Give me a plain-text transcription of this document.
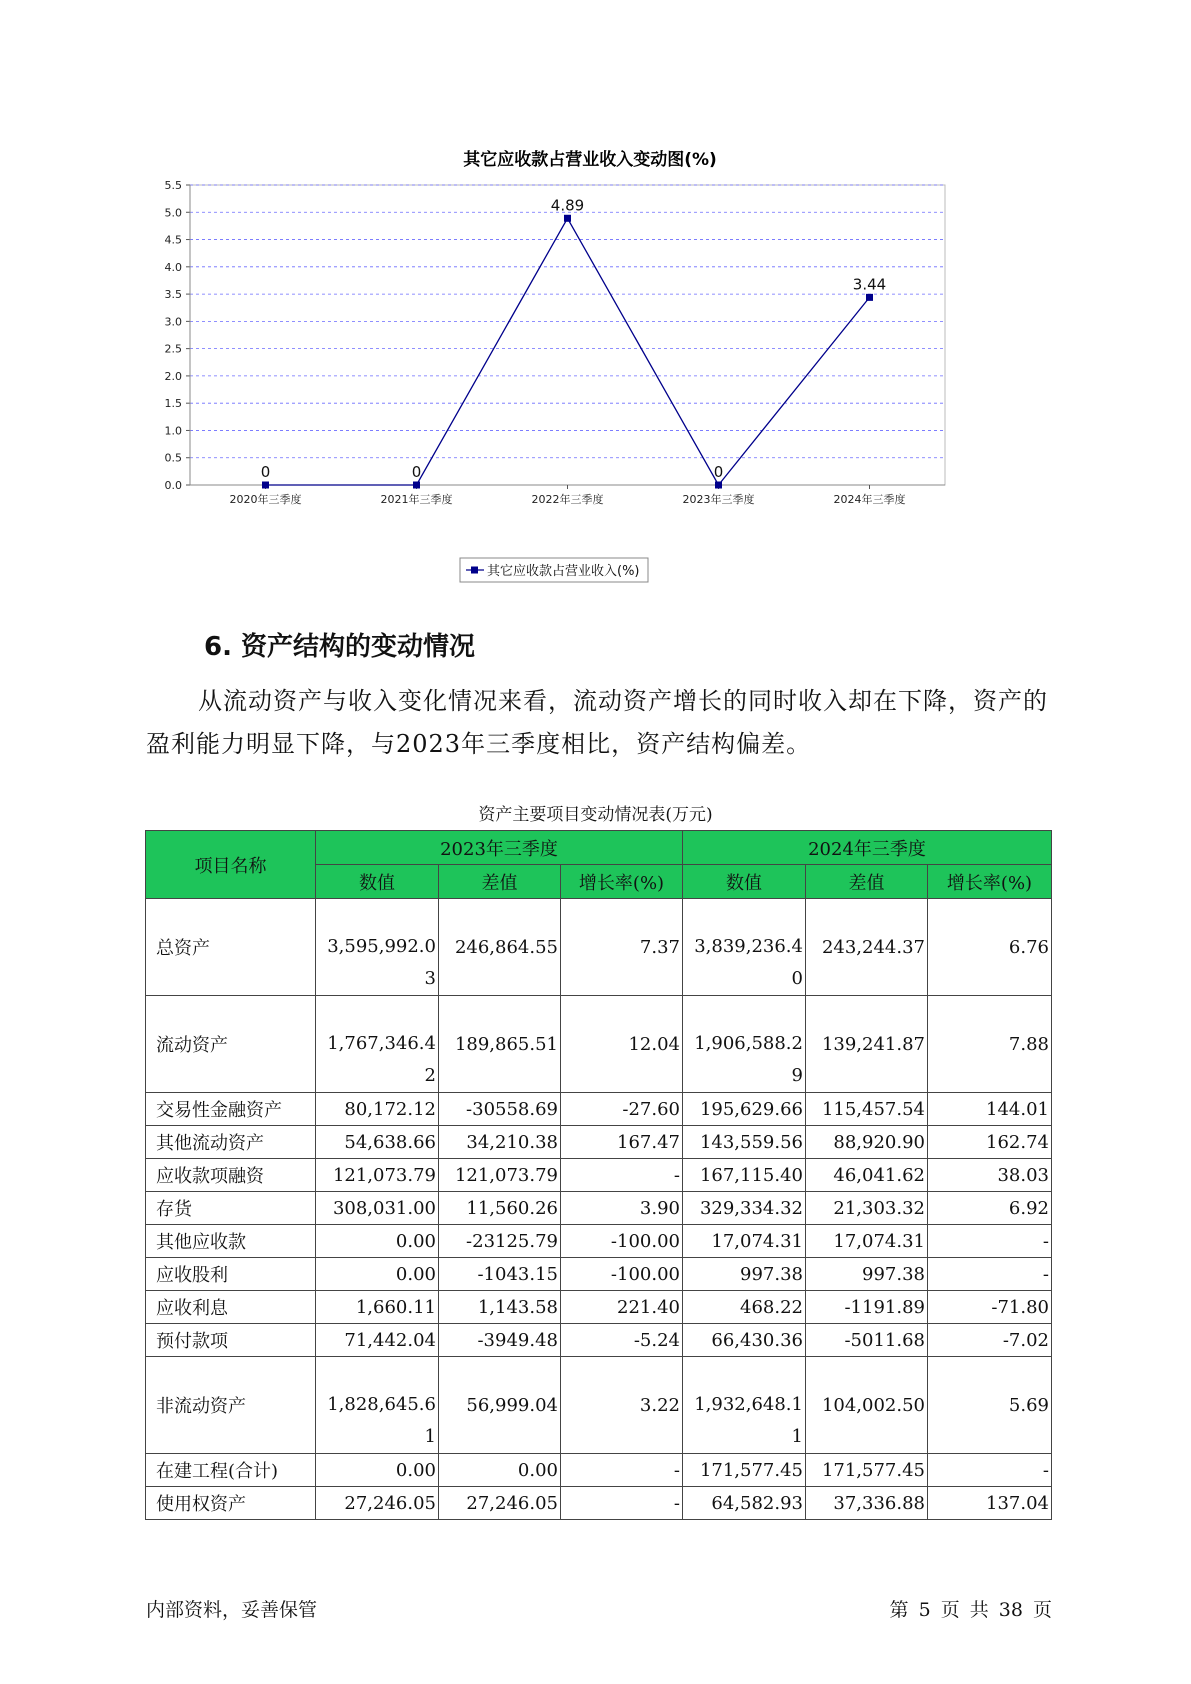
其它应收款占营业收入变动图(%)
0.0
0.5
1.0
1.5
2.0
2.5
3.0
3.5
4.0
4.5
5.0
5.5
2020年三季度	2021年三季度	2022年三季度	2023年三季度	2024年三季度
0	0
4.89
0
3.44
其它应收款占营业收入(%)
6. 资产结构的变动情况

从流动资产与收入变化情况来看，流动资产增长的同时收入却在下降，资产的盈利能力明显下降，与2023年三季度相比，资产结构偏差。

资产主要项目变动情况表(万元)
项目名称	2023年三季度			2024年三季度		
	数值	差值	增长率(%)	数值	差值	增长率(%)
总资产	3,595,992.03	246,864.55	7.37	3,839,236.40	243,244.37	6.76
流动资产	1,767,346.42	189,865.51	12.04	1,906,588.29	139,241.87	7.88
交易性金融资产	80,172.12	-30558.69	-27.60	195,629.66	115,457.54	144.01
其他流动资产	54,638.66	34,210.38	167.47	143,559.56	88,920.90	162.74
应收款项融资	121,073.79	121,073.79	-	167,115.40	46,041.62	38.03
存货	308,031.00	11,560.26	3.90	329,334.32	21,303.32	6.92
其他应收款	0.00	-23125.79	-100.00	17,074.31	17,074.31	-
应收股利	0.00	-1043.15	-100.00	997.38	997.38	-
应收利息	1,660.11	1,143.58	221.40	468.22	-1191.89	-71.80
预付款项	71,442.04	-3949.48	-5.24	66,430.36	-5011.68	-7.02
非流动资产	1,828,645.61	56,999.04	3.22	1,932,648.11	104,002.50	5.69
在建工程(合计)	0.00	0.00	-	171,577.45	171,577.45	-
使用权资产	27,246.05	27,246.05	-	64,582.93	37,336.88	137.04
内部资料，妥善保管	第 5 页 共 38 页
